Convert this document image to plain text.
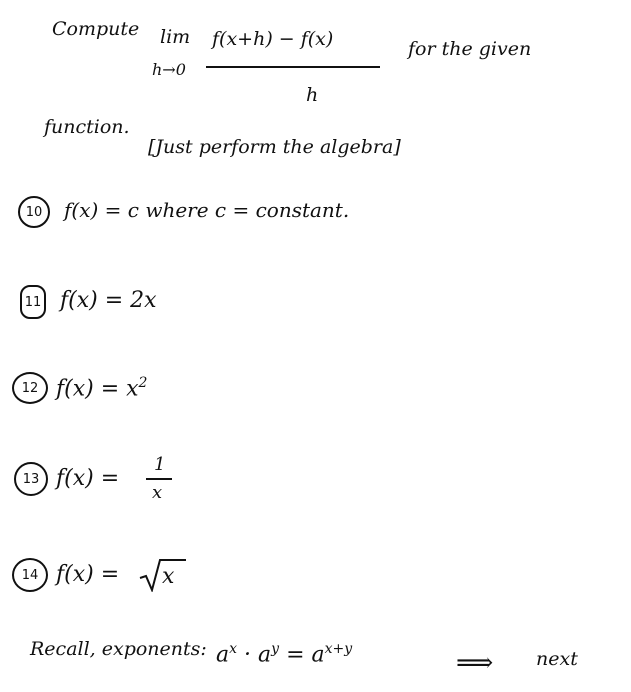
Compute lim
h→0
f(x+h) − f(x)
h
for the given
function.
[Just perform the algebra]
10 f(x) = c where c = constant.
11 f(x) = 2x
12 $f(x) = x^2$
13 f(x) =
1
x
14 f(x) = x
Recall, exponents: $a^x \cdot a^y = a^{x+y}$	⟹ next
